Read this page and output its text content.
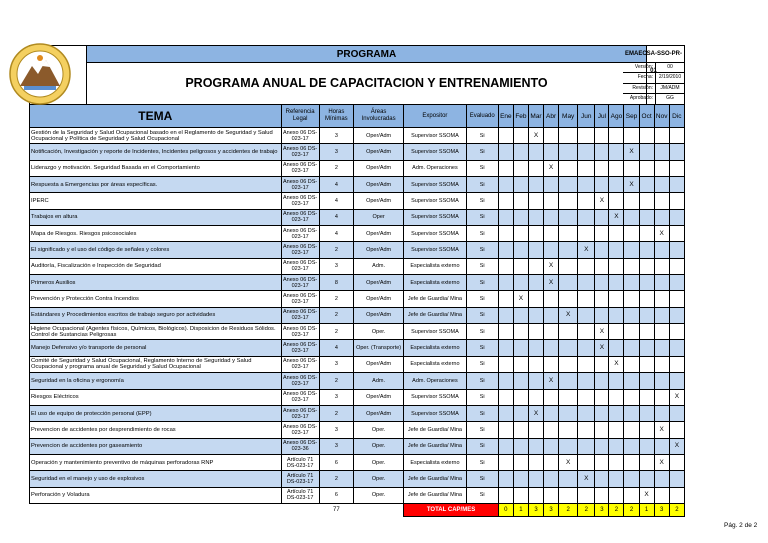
PROGRAMA
PROGRAMA ANUAL DE CAPACITACION Y ENTRENAMIENTO
EMAECSA-SSO-PR-01
Versión:	00
Fecha:	2/19/2010
Revisión:	JM/ADM
Aprobado:	GG
TEMA	Referencia Legal	Horas Mínimas	Áreas Involucradas	Expositor	Evaluado	Ene	Feb	Mar	Abr	May	Jun	Jul	Ago	Sep	Oct	Nov	Dic
Gestión de la Seguridad y Salud Ocupacional basado en el Reglamento de Seguridad y Salud Ocupacional y Política de Seguridad y Salud Ocupacional	Anexo 06 DS-023-17	3	Oper/Adm	Supervisor SSOMA	Si			X									
Notificación, Investigación y reporte de Incidentes, Incidentes peligrosos y accidentes de trabajo	Anexo 06 DS-023-17	3	Oper/Adm	Supervisor SSOMA	Si									X			
Liderazgo y motivación. Seguridad Basada en el Comportamiento	Anexo 06 DS-023-17	2	Oper/Adm	Adm. Operaciones	Si				X								
Respuesta a Emergencias por áreas específicas.	Anexo 06 DS-023-17	4	Oper/Adm	Supervisor SSOMA	Si									X			
IPERC	Anexo 06 DS-023-17	4	Oper/Adm	Supervisor SSOMA	Si							X					
Trabajos en altura	Anexo 06 DS-023-17	4	Oper	Supervisor SSOMA	Si								X				
Mapa de Riesgos. Riesgos psicosociales	Anexo 06 DS-023-17	4	Oper/Adm	Supervisor SSOMA	Si											X	
El significado y el uso del código de señales y colores	Anexo 06 DS-023-17	2	Oper/Adm	Supervisor SSOMA	Si						X						
Auditoría, Fiscalización e Inspección de Seguridad	Anexo 06 DS-023-17	3	Adm.	Especialista externo	Si				X								
Primeros Auxilios	Anexo 06 DS-023-17	8	Oper/Adm	Especialista externo	Si				X								
Prevención y Protección Contra Incendios	Anexo 06 DS-023-17	2	Oper/Adm	Jefe de Guardia/ Mina	Si		X										
Estándares y Procedimientos escritos de trabajo seguro por actividades	Anexo 06 DS-023-17	2	Oper/Adm	Jefe de Guardia/ Mina	Si					X							
Higiene Ocupacional (Agentes físicos, Químicos, Biológicos). Disposicion de Residuos Sólidos. Control de Sustancias Peligrosas	Anexo 06 DS-023-17	2	Oper.	Supervisor SSOMA	Si							X					
Manejo Defensivo y/o transporte de personal	Anexo 06 DS-023-17	4	Oper. (Transporte)	Especialista externo	Si							X					
Comité de Seguridad y Salud Ocupacional, Reglamento Interno de Seguridad y Salud Ocupacional y programa anual de Seguridad y Salud Ocupacional	Anexo 06 DS-023-17	3	Oper/Adm	Especialista externo	Si								X				
Seguridad en la oficina y ergonomía	Anexo 06 DS-023-17	2	Adm.	Adm. Operaciones	Si				X								
Riesgos Eléctricos	Anexo 06 DS-023-17	3	Oper/Adm	Supervisor SSOMA	Si												X
El uso de equipo de protección personal (EPP)	Anexo 06 DS-023-17	2	Oper/Adm	Supervisor SSOMA	Si			X									
Prevencion de accidentes por desprendimiento de rocas	Anexo 06 DS-023-17	3	Oper.	Jefe de Guardia/ Mina	Si											X	
Prevencion de accidentes por gaseamiento	Anexo 06 DS-023-36	3	Oper.	Jefe de Guardia/ Mina	Si												X
Operación y mantenimiento preventivo de máquinas perforadoras RNP	Artículo 71 DS-023-17	6	Oper.	Especialista externo	Si					X						X	
Seguridad en el manejo y uso de explosivos	Artículo 71 DS-023-17	2	Oper.	Jefe de Guardia/ Mina	Si						X						
Perforación y Voladura	Artículo 71 DS-023-17	6	Oper.	Jefe de Guardia/ Mina	Si										X		
		77		TOTAL CAP/MES		0	1	3	3	2	2	3	2	2	1	3	2
Pág. 2 de 2
